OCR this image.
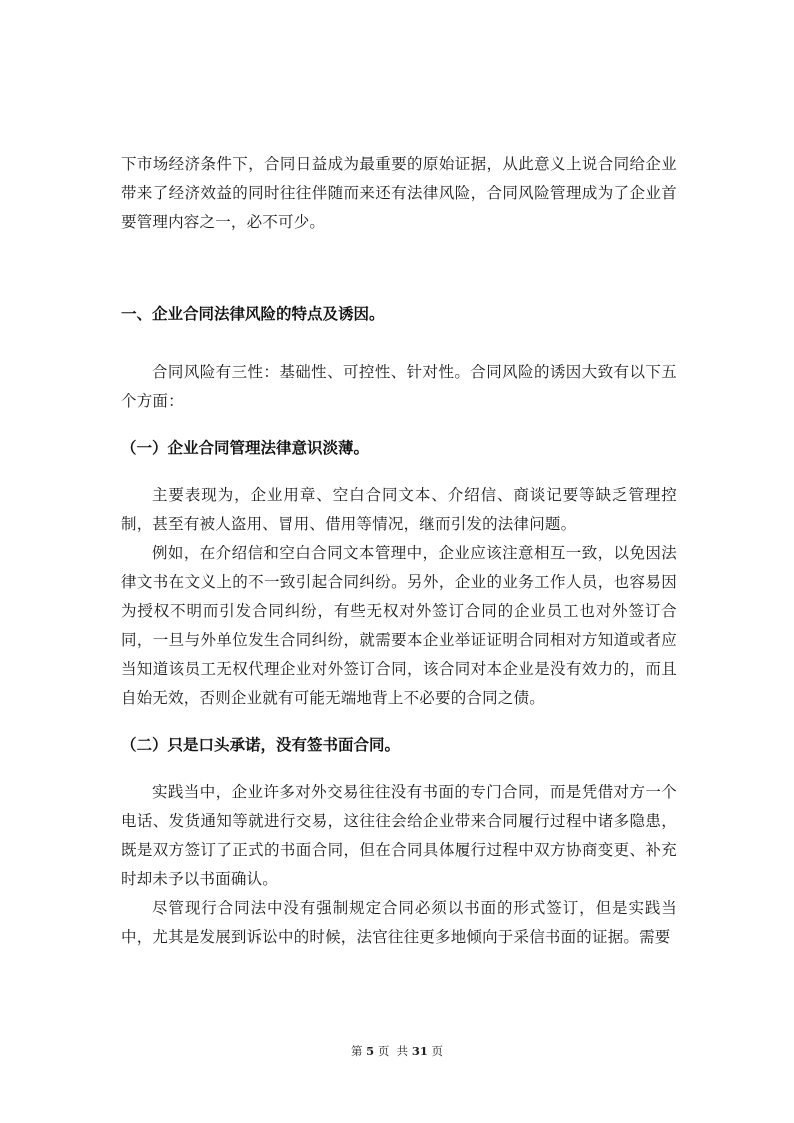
下市场经济条件下，合同日益成为最重要的原始证据，从此意义上说合同给企业带来了经济效益的同时往往伴随而来还有法律风险，合同风险管理成为了企业首要管理内容之一，必不可少。

一、企业合同法律风险的特点及诱因。

合同风险有三性：基础性、可控性、针对性。合同风险的诱因大致有以下五个方面：

（一）企业合同管理法律意识淡薄。

主要表现为，企业用章、空白合同文本、介绍信、商谈记要等缺乏管理控制，甚至有被人盗用、冒用、借用等情况，继而引发的法律问题。

例如，在介绍信和空白合同文本管理中，企业应该注意相互一致，以免因法律文书在文义上的不一致引起合同纠纷。另外，企业的业务工作人员，也容易因为授权不明而引发合同纠纷，有些无权对外签订合同的企业员工也对外签订合同，一旦与外单位发生合同纠纷，就需要本企业举证证明合同相对方知道或者应当知道该员工无权代理企业对外签订合同，该合同对本企业是没有效力的，而且自始无效，否则企业就有可能无端地背上不必要的合同之债。

（二）只是口头承诺，没有签书面合同。

实践当中，企业许多对外交易往往没有书面的专门合同，而是凭借对方一个电话、发货通知等就进行交易，这往往会给企业带来合同履行过程中诸多隐患，既是双方签订了正式的书面合同，但在合同具体履行过程中双方协商变更、补充时却未予以书面确认。

尽管现行合同法中没有强制规定合同必须以书面的形式签订，但是实践当中，尤其是发展到诉讼中的时候，法官往往更多地倾向于采信书面的证据。需要

第 5 页  共 31 页
